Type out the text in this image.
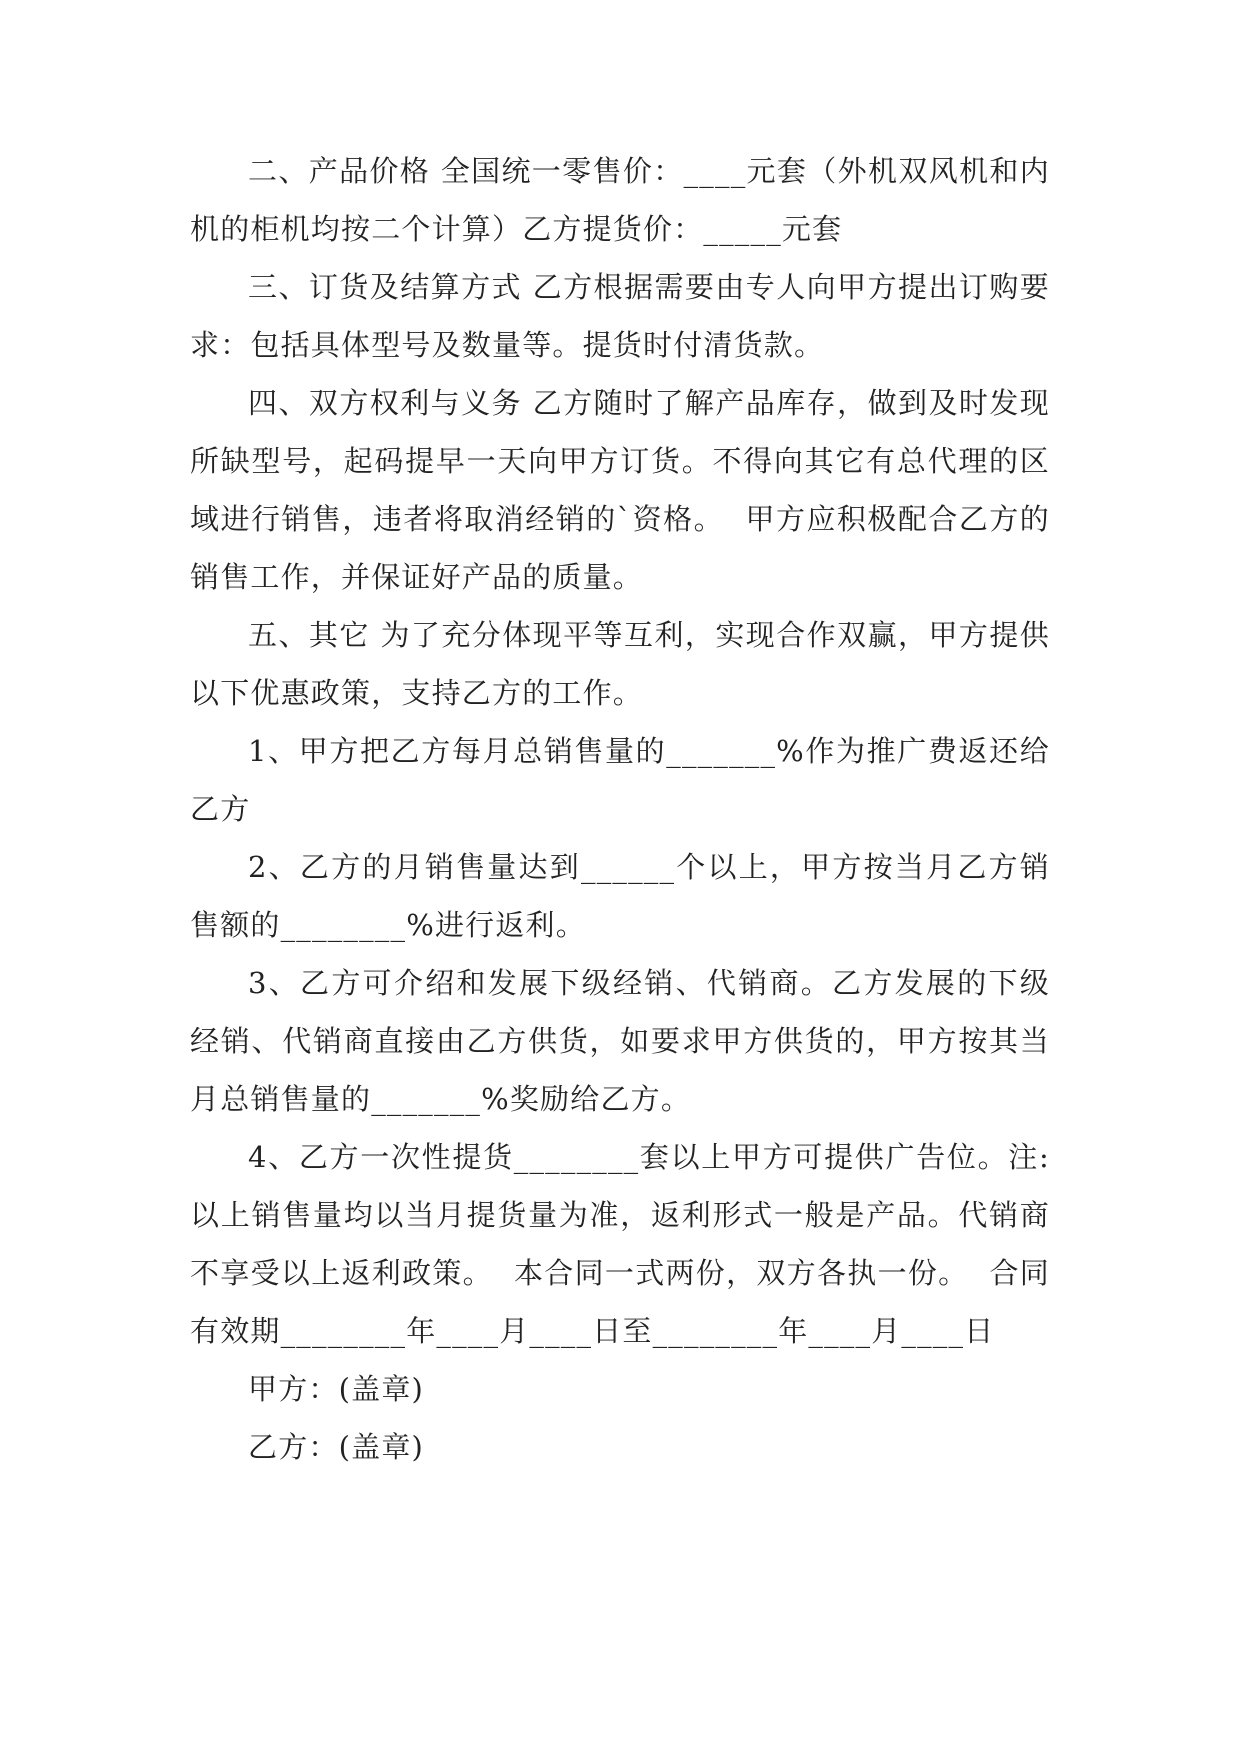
二、产品价格 全国统一零售价：____元套（外机双风机和内机的柜机均按二个计算）乙方提货价：_____元套

三、订货及结算方式 乙方根据需要由专人向甲方提出订购要求：包括具体型号及数量等。提货时付清货款。

四、双方权利与义务 乙方随时了解产品库存，做到及时发现所缺型号，起码提早一天向甲方订货。不得向其它有总代理的区域进行销售，违者将取消经销的`资格。  甲方应积极配合乙方的销售工作，并保证好产品的质量。

五、其它 为了充分体现平等互利，实现合作双赢，甲方提供以下优惠政策，支持乙方的工作。

1、甲方把乙方每月总销售量的_______%作为推广费返还给乙方

2、乙方的月销售量达到______个以上，甲方按当月乙方销售额的________%进行返利。

3、乙方可介绍和发展下级经销、代销商。乙方发展的下级经销、代销商直接由乙方供货，如要求甲方供货的，甲方按其当月总销售量的_______%奖励给乙方。

4、乙方一次性提货________套以上甲方可提供广告位。注:以上销售量均以当月提货量为准，返利形式一般是产品。代销商不享受以上返利政策。  本合同一式两份，双方各执一份。  合同有效期________年____月____日至________年____月____日

甲方：(盖章)

乙方：(盖章)
